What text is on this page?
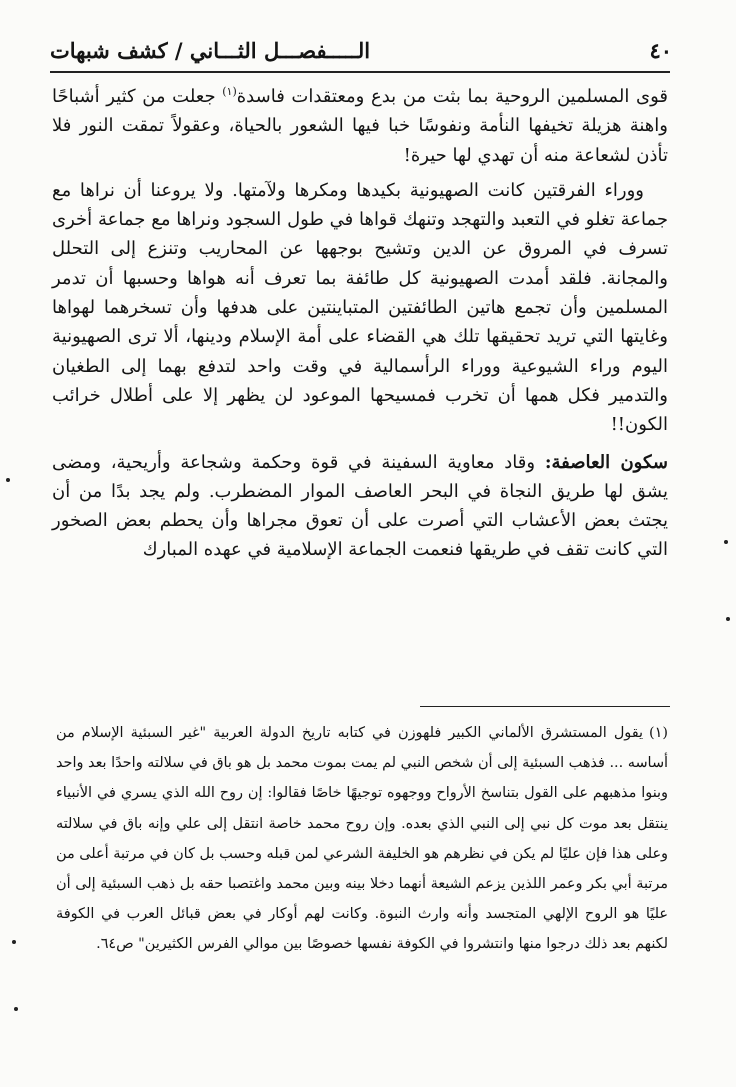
٤٠
الـــــفصـــل الثـــاني / كشف شبهات

قوى المسلمين الروحية بما بثت من بدع ومعتقدات فاسدة$^{(١)}$ جعلت من كثير أشباحًا واهنة هزيلة تخيفها النأمة ونفوسًا خبا فيها الشعور بالحياة، وعقولاً تمقت النور فلا تأذن لشعاعة منه أن تهدي لها حيرة!

ووراء الفرقتين كانت الصهيونية بكيدها ومكرها ولآمتها. ولا يروعنا أن نراها مع جماعة تغلو في التعبد والتهجد وتنهك قواها في طول السجود ونراها مع جماعة أخرى تسرف في المروق عن الدين وتشيح بوجهها عن المحاريب وتنزع إلى التحلل والمجانة. فلقد أمدت الصهيونية كل طائفة بما تعرف أنه هواها وحسبها أن تدمر المسلمين وأن تجمع هاتين الطائفتين المتباينتين على هدفها وأن تسخرهما لهواها وغايتها التي تريد تحقيقها تلك هي القضاء على أمة الإسلام ودينها، ألا ترى الصهيونية اليوم وراء الشيوعية ووراء الرأسمالية في وقت واحد لتدفع بهما إلى الطغيان والتدمير فكل همها أن تخرب فمسيحها الموعود لن يظهر إلا على أطلال خرائب الكون!!

سكون العاصفة: وقاد معاوية السفينة في قوة وحكمة وشجاعة وأريحية، ومضى يشق لها طريق النجاة في البحر العاصف الموار المضطرب. ولم يجد بدًا من أن يجتث بعض الأعشاب التي أصرت على أن تعوق مجراها وأن يحطم بعض الصخور التي كانت تقف في طريقها فنعمت الجماعة الإسلامية في عهده المبارك

(١)يقول المستشرق الألماني الكبير فلهوزن في كتابه تاريخ الدولة العربية "غير السبئية الإسلام من أساسه ... فذهب السبئية إلى أن شخص النبي لم يمت بموت محمد بل هو باق في سلالته واحدًا بعد واحد وبنوا مذهبهم على القول بتناسخ الأرواح ووجهوه توجيهًا خاصًا فقالوا: إن روح الله الذي يسري في الأنبياء ينتقل بعد موت كل نبي إلى النبي الذي بعده. وإن روح محمد خاصة انتقل إلى علي وإنه باق في سلالته وعلى هذا فإن عليًا لم يكن في نظرهم هو الخليفة الشرعي لمن قبله وحسب بل كان في مرتبة أعلى من مرتبة أبي بكر وعمر اللذين يزعم الشيعة أنهما دخلا بينه وبين محمد واغتصبا حقه بل ذهب السبئية إلى أن عليًا هو الروح الإلهي المتجسد وأنه وارث النبوة. وكانت لهم أوكار في بعض قبائل العرب في الكوفة لكنهم بعد ذلك درجوا منها وانتشروا في الكوفة نفسها خصوصًا بين موالي الفرس الكثيرين" ص٦٤.
